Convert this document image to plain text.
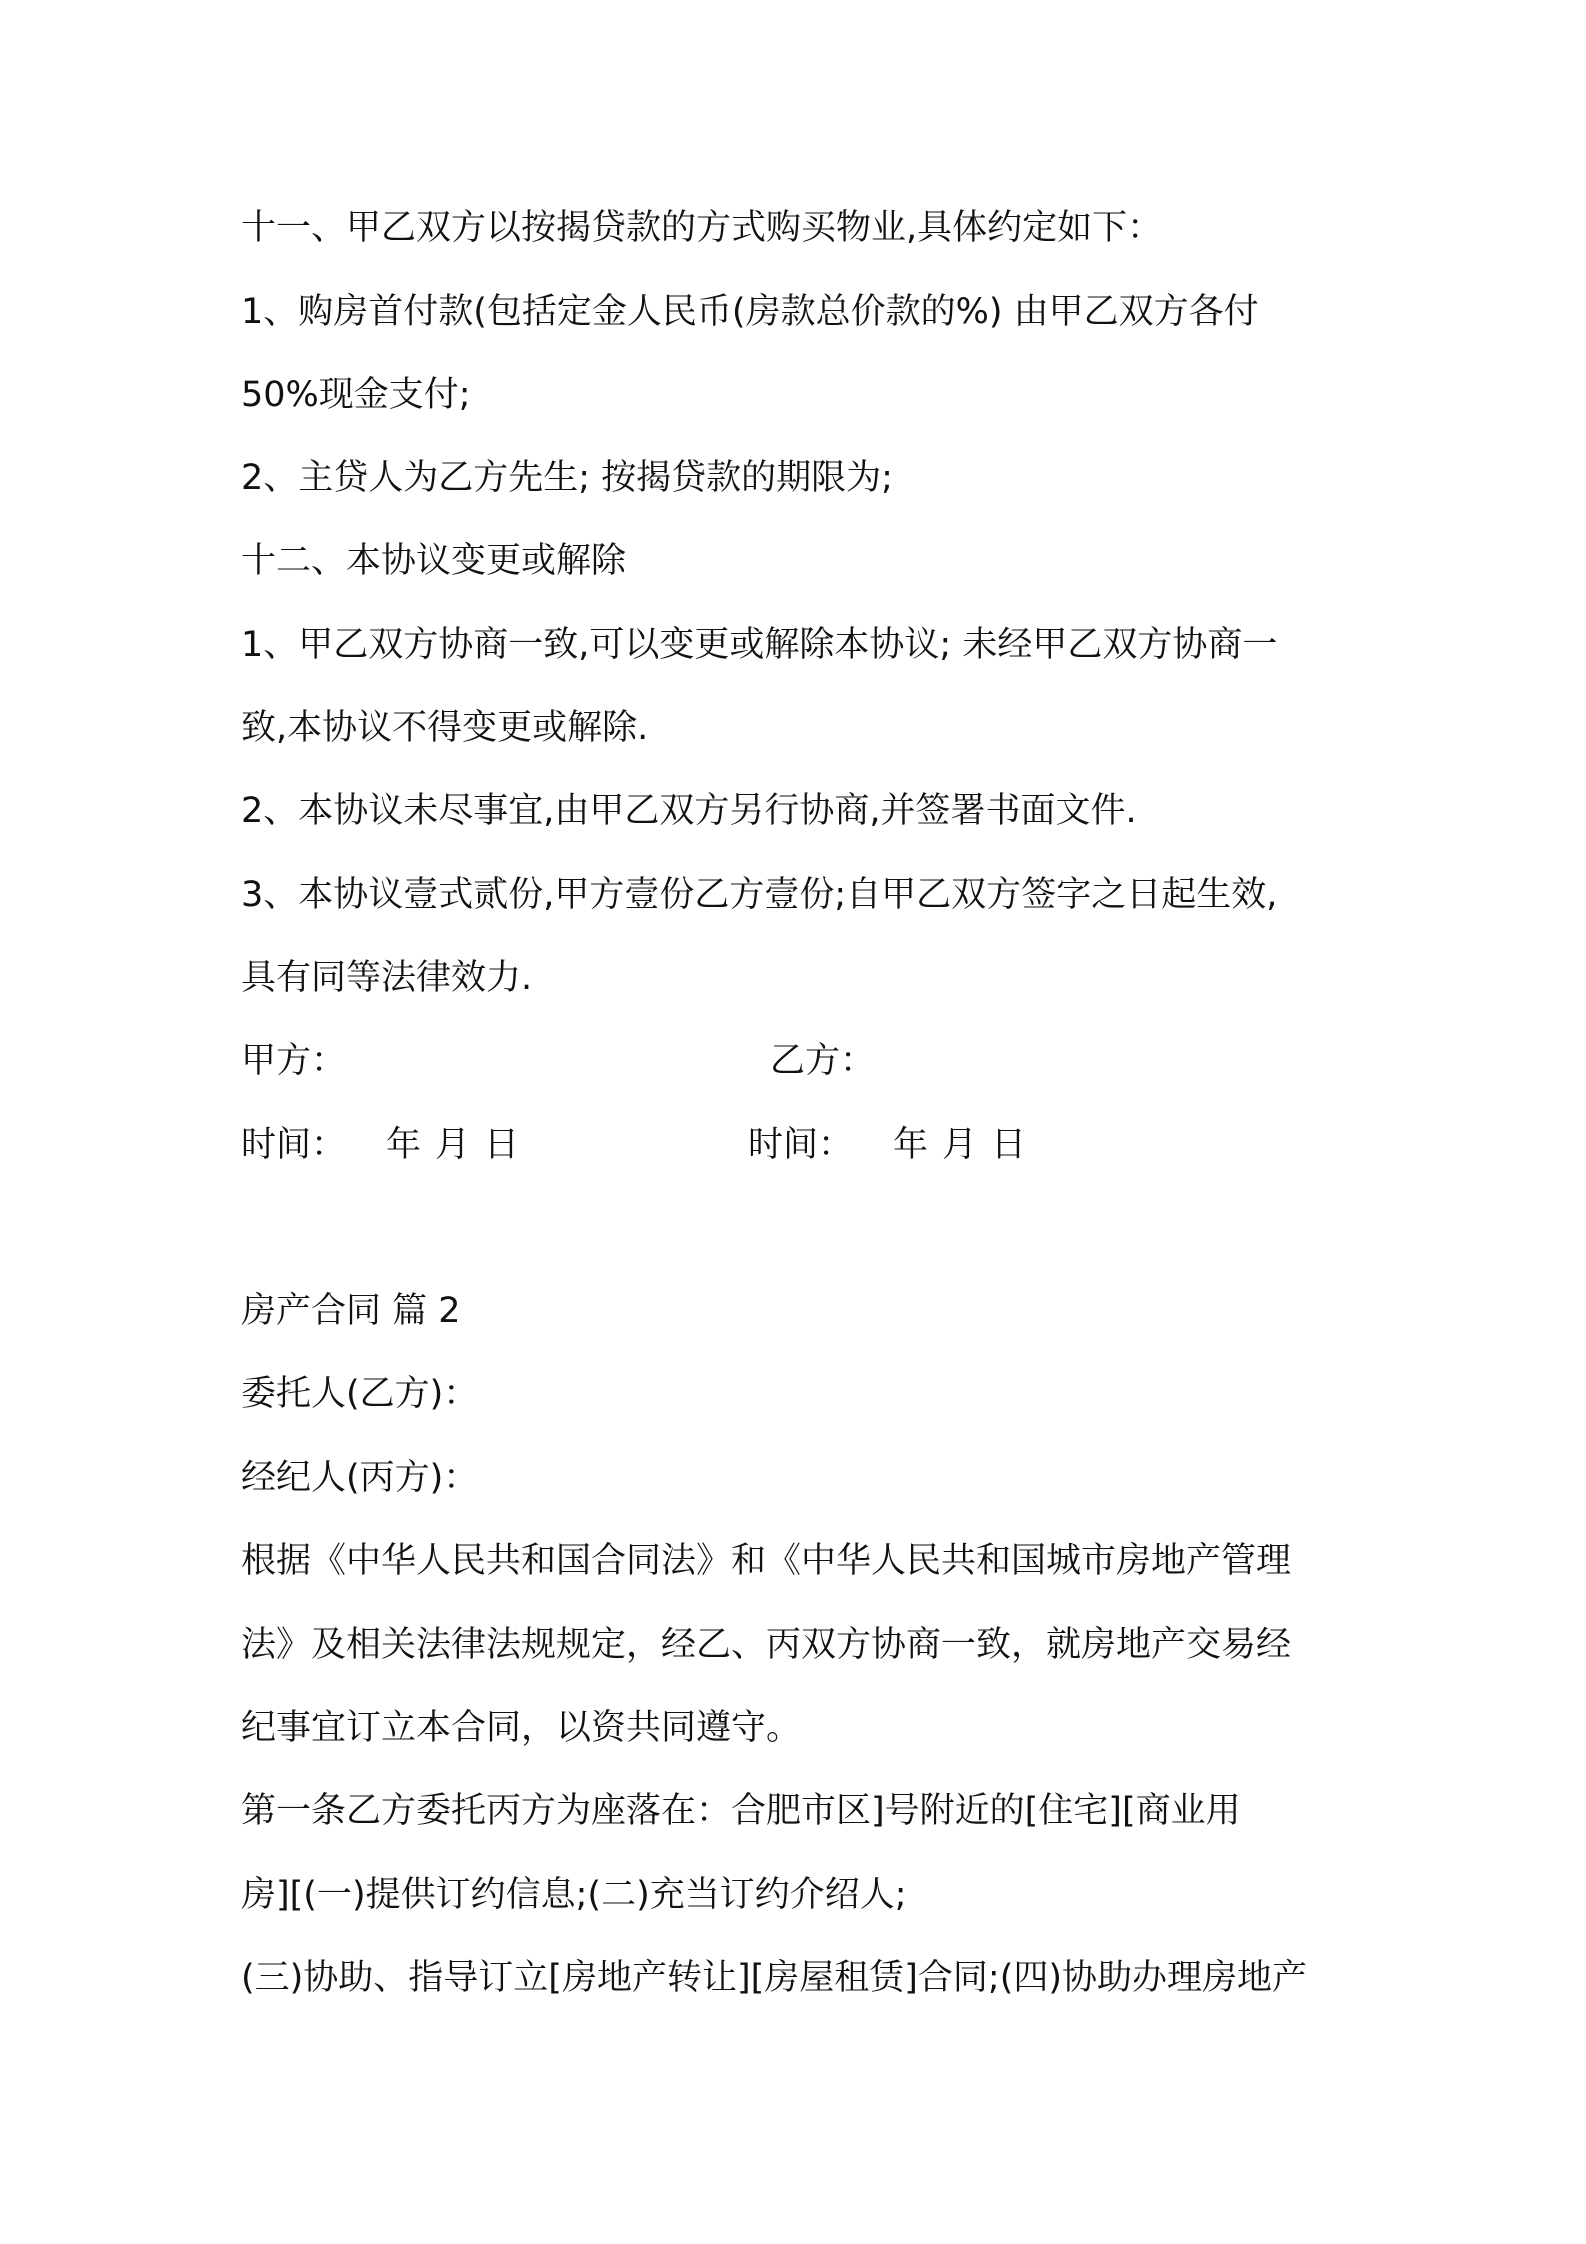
十一、甲乙双方以按揭贷款的方式购买物业,具体约定如下：
1、购房首付款(包括定金人民币(房款总价款的%) 由甲乙双方各付
50%现金支付;
2、主贷人为乙方先生; 按揭贷款的期限为;
十二、本协议变更或解除
1、甲乙双方协商一致,可以变更或解除本协议; 未经甲乙双方协商一
致,本协议不得变更或解除.
2、本协议未尽事宜,由甲乙双方另行协商,并签署书面文件.
3、本协议壹式贰份,甲方壹份乙方壹份;自甲乙双方签字之日起生效,
具有同等法律效力.
甲方：	乙方：
时间： 年 月 日	时间： 年 月 日
房产合同 篇 2
委托人(乙方)：
经纪人(丙方)：
根据《中华人民共和国合同法》和《中华人民共和国城市房地产管理
法》及相关法律法规规定，经乙、丙双方协商一致，就房地产交易经
纪事宜订立本合同，以资共同遵守。
第一条乙方委托丙方为座落在：合肥市区]号附近的[住宅][商业用
房][(一)提供订约信息;(二)充当订约介绍人;
(三)协助、指导订立[房地产转让][房屋租赁]合同;(四)协助办理房地产
